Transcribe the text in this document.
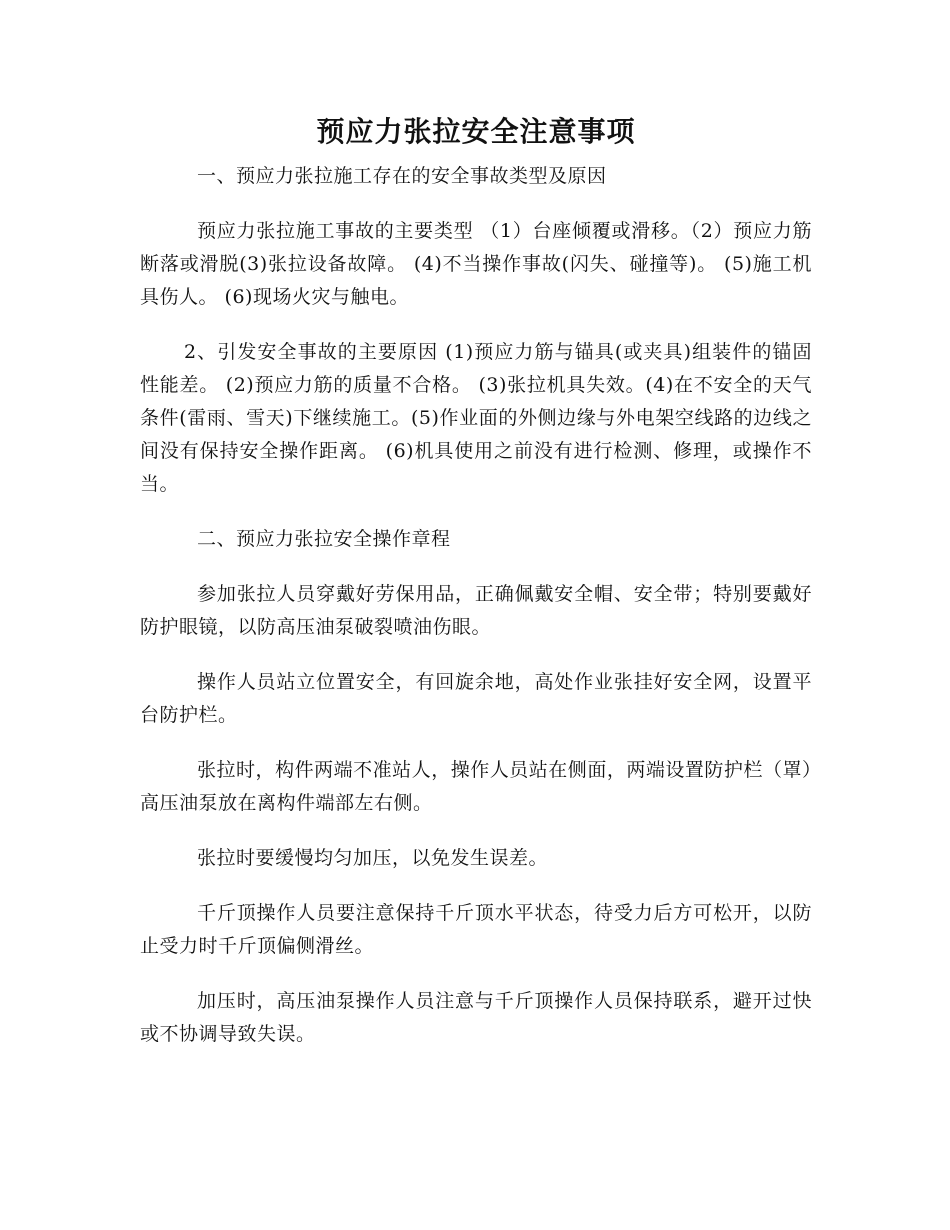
预应力张拉安全注意事项

一、预应力张拉施工存在的安全事故类型及原因

预应力张拉施工事故的主要类型 （1）台座倾覆或滑移。（2）预应力筋断落或滑脱(3)张拉设备故障。 (4)不当操作事故(闪失、碰撞等)。 (5)施工机具伤人。 (6)现场火灾与触电。

2、引发安全事故的主要原因 (1)预应力筋与锚具(或夹具)组装件的锚固性能差。 (2)预应力筋的质量不合格。 (3)张拉机具失效。(4)在不安全的天气条件(雷雨、雪天)下继续施工。(5)作业面的外侧边缘与外电架空线路的边线之间没有保持安全操作距离。 (6)机具使用之前没有进行检测、修理，或操作不当。

二、预应力张拉安全操作章程

参加张拉人员穿戴好劳保用品，正确佩戴安全帽、安全带；特别要戴好防护眼镜，以防高压油泵破裂喷油伤眼。

操作人员站立位置安全，有回旋余地，高处作业张挂好安全网，设置平台防护栏。

张拉时，构件两端不准站人，操作人员站在侧面，两端设置防护栏（罩）高压油泵放在离构件端部左右侧。

张拉时要缓慢均匀加压，以免发生误差。

千斤顶操作人员要注意保持千斤顶水平状态，待受力后方可松开，以防止受力时千斤顶偏侧滑丝。

加压时，高压油泵操作人员注意与千斤顶操作人员保持联系，避开过快或不协调导致失误。
